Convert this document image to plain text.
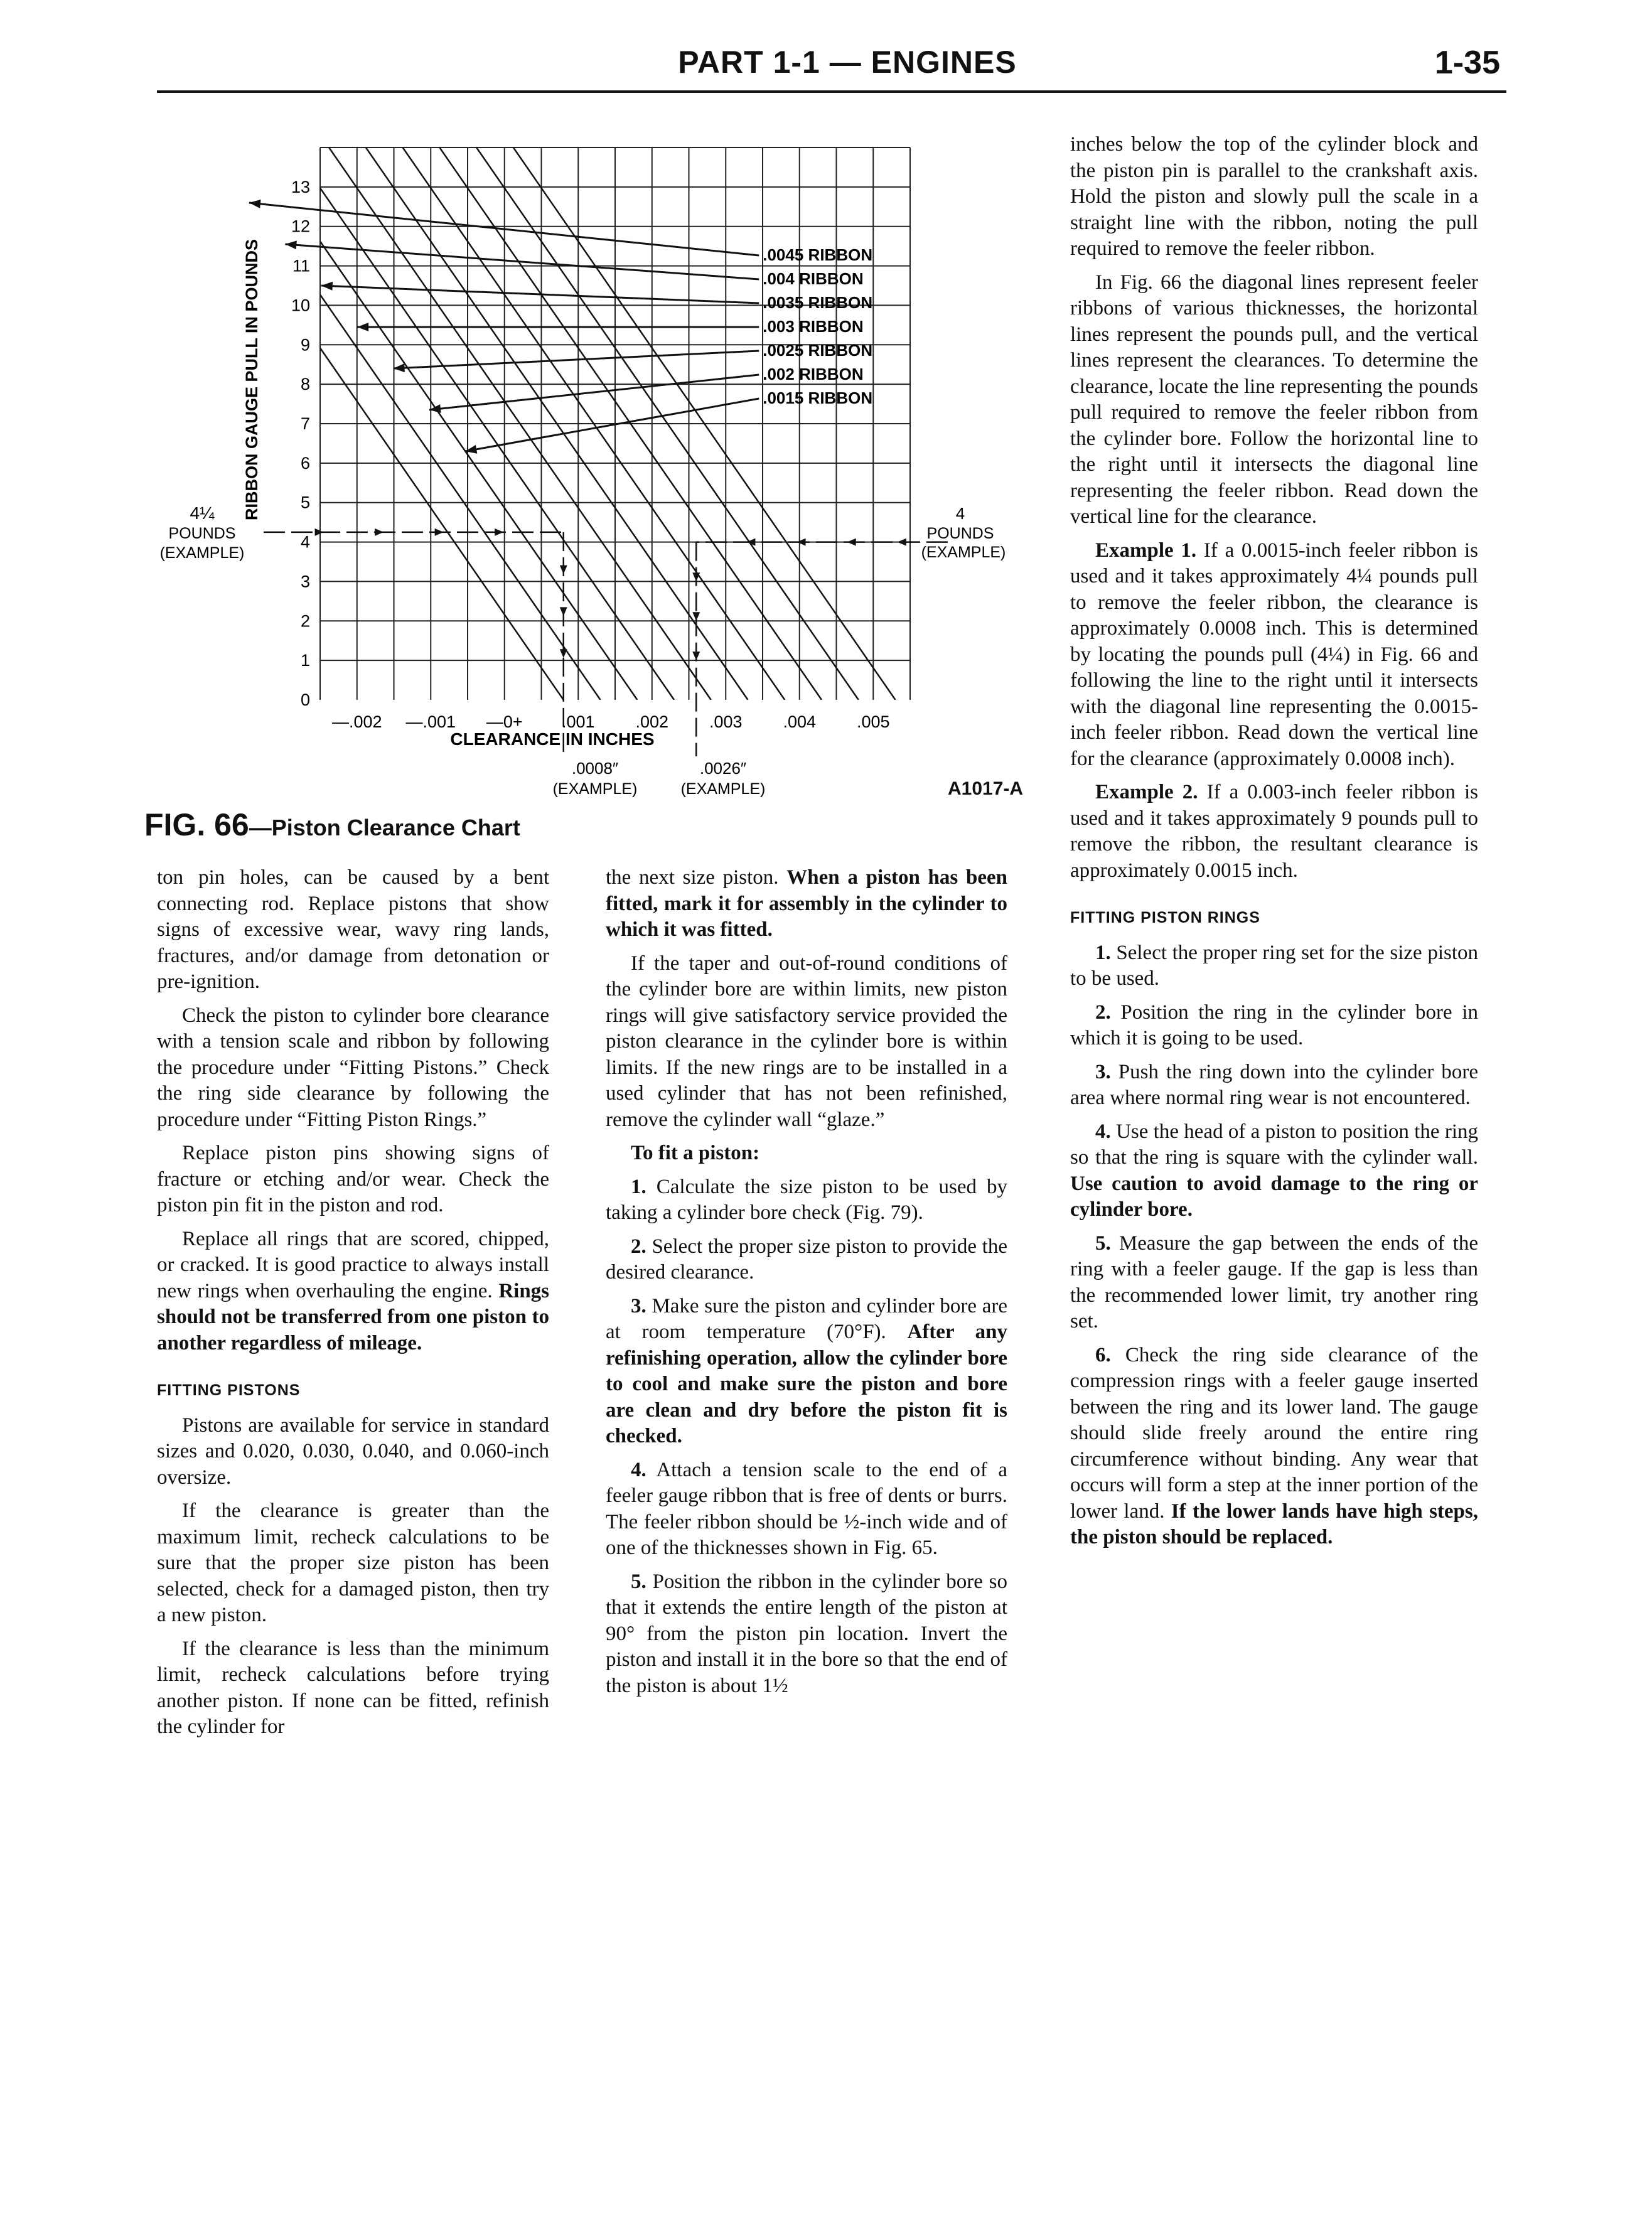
PART 1-1 — ENGINES	1-35
RIBBON GAUGE PULL IN POUNDS
CLEARANCE IN INCHES
4¼
POUNDS
(EXAMPLE)
4
POUNDS
(EXAMPLE)
.0008″
(EXAMPLE)
.0026″
(EXAMPLE)
0
1
2
3
4
5
6
7
8
9
10
11
12
13
—.002 —.001 —0+ .001 .002 .003 .004 .005
.0045 RIBBON
.004 RIBBON
.0035 RIBBON
.003 RIBBON
.0025 RIBBON
.002 RIBBON
.0015 RIBBON
FIG. 66—Piston Clearance Chart
A1017-A

ton pin holes, can be caused by a bent connecting rod. Replace pistons that show signs of excessive wear, wavy ring lands, fractures, and/or damage from detonation or pre-ignition.

Check the piston to cylinder bore clearance with a tension scale and ribbon by following the procedure under “Fitting Pistons.” Check the ring side clearance by following the procedure under “Fitting Piston Rings.”

Replace piston pins showing signs of fracture or etching and/or wear. Check the piston pin fit in the piston and rod.

Replace all rings that are scored, chipped, or cracked. It is good practice to always install new rings when overhauling the engine. Rings should not be transferred from one piston to another regardless of mileage.

FITTING PISTONS

Pistons are available for service in standard sizes and 0.020, 0.030, 0.040, and 0.060-inch oversize.

If the clearance is greater than the maximum limit, recheck calculations to be sure that the proper size piston has been selected, check for a damaged piston, then try a new piston.

If the clearance is less than the minimum limit, recheck calculations before trying another piston. If none can be fitted, refinish the cylinder for

the next size piston. When a piston has been fitted, mark it for assembly in the cylinder to which it was fitted.

If the taper and out-of-round conditions of the cylinder bore are within limits, new piston rings will give satisfactory service provided the piston clearance in the cylinder bore is within limits. If the new rings are to be installed in a used cylinder that has not been refinished, remove the cylinder wall “glaze.”

To fit a piston:

1. Calculate the size piston to be used by taking a cylinder bore check (Fig. 79).

2. Select the proper size piston to provide the desired clearance.

3. Make sure the piston and cylinder bore are at room temperature (70°F). After any refinishing operation, allow the cylinder bore to cool and make sure the piston and bore are clean and dry before the piston fit is checked.

4. Attach a tension scale to the end of a feeler gauge ribbon that is free of dents or burrs. The feeler ribbon should be ½-inch wide and of one of the thicknesses shown in Fig. 65.

5. Position the ribbon in the cylinder bore so that it extends the entire length of the piston at 90° from the piston pin location. Invert the piston and install it in the bore so that the end of the piston is about 1½

inches below the top of the cylinder block and the piston pin is parallel to the crankshaft axis. Hold the piston and slowly pull the scale in a straight line with the ribbon, noting the pull required to remove the feeler ribbon.

In Fig. 66 the diagonal lines represent feeler ribbons of various thicknesses, the horizontal lines represent the pounds pull, and the vertical lines represent the clearances. To determine the clearance, locate the line representing the pounds pull required to remove the feeler ribbon from the cylinder bore. Follow the horizontal line to the right until it intersects the diagonal line representing the feeler ribbon. Read down the vertical line for the clearance.

Example 1. If a 0.0015-inch feeler ribbon is used and it takes approximately 4¼ pounds pull to remove the feeler ribbon, the clearance is approximately 0.0008 inch. This is determined by locating the pounds pull (4¼) in Fig. 66 and following the line to the right until it intersects with the diagonal line representing the 0.0015-inch feeler ribbon. Read down the vertical line for the clearance (approximately 0.0008 inch).

Example 2. If a 0.003-inch feeler ribbon is used and it takes approximately 9 pounds pull to remove the ribbon, the resultant clearance is approximately 0.0015 inch.

FITTING PISTON RINGS

1. Select the proper ring set for the size piston to be used.

2. Position the ring in the cylinder bore in which it is going to be used.

3. Push the ring down into the cylinder bore area where normal ring wear is not encountered.

4. Use the head of a piston to position the ring so that the ring is square with the cylinder wall. Use caution to avoid damage to the ring or cylinder bore.

5. Measure the gap between the ends of the ring with a feeler gauge. If the gap is less than the recommended lower limit, try another ring set.

6. Check the ring side clearance of the compression rings with a feeler gauge inserted between the ring and its lower land. The gauge should slide freely around the entire ring circumference without binding. Any wear that occurs will form a step at the inner portion of the lower land. If the lower lands have high steps, the piston should be replaced.
